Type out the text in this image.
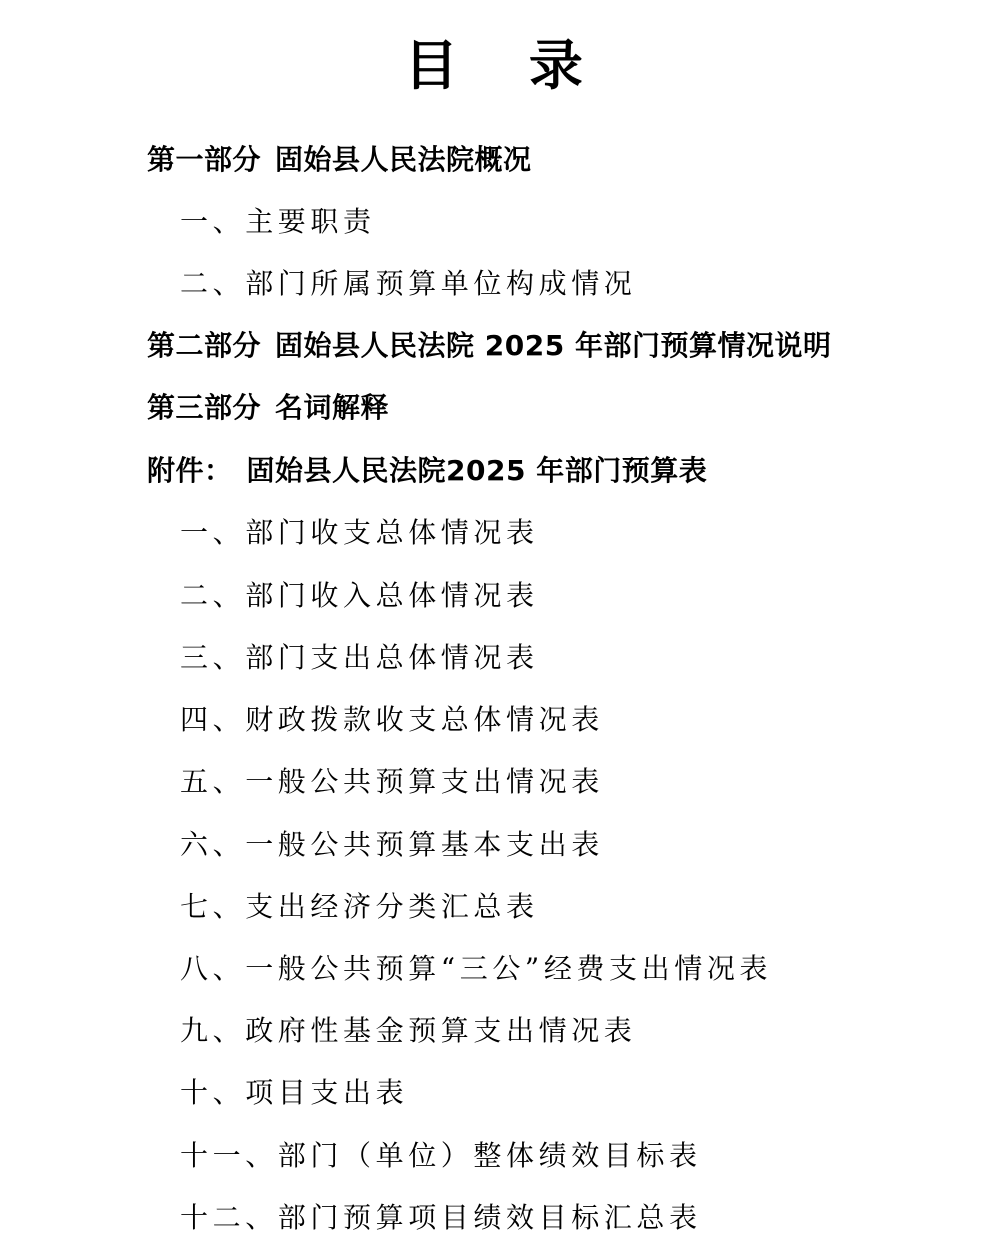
目 录
第一部分 固始县人民法院概况
一、主要职责
二、部门所属预算单位构成情况
第二部分 固始县人民法院 2025 年部门预算情况说明
第三部分 名词解释
附件： 固始县人民法院2025 年部门预算表
一、部门收支总体情况表
二、部门收入总体情况表
三、部门支出总体情况表
四、财政拨款收支总体情况表
五、一般公共预算支出情况表
六、一般公共预算基本支出表
七、支出经济分类汇总表
八、一般公共预算“三公”经费支出情况表
九、政府性基金预算支出情况表
十、项目支出表
十一、部门（单位）整体绩效目标表
十二、部门预算项目绩效目标汇总表
